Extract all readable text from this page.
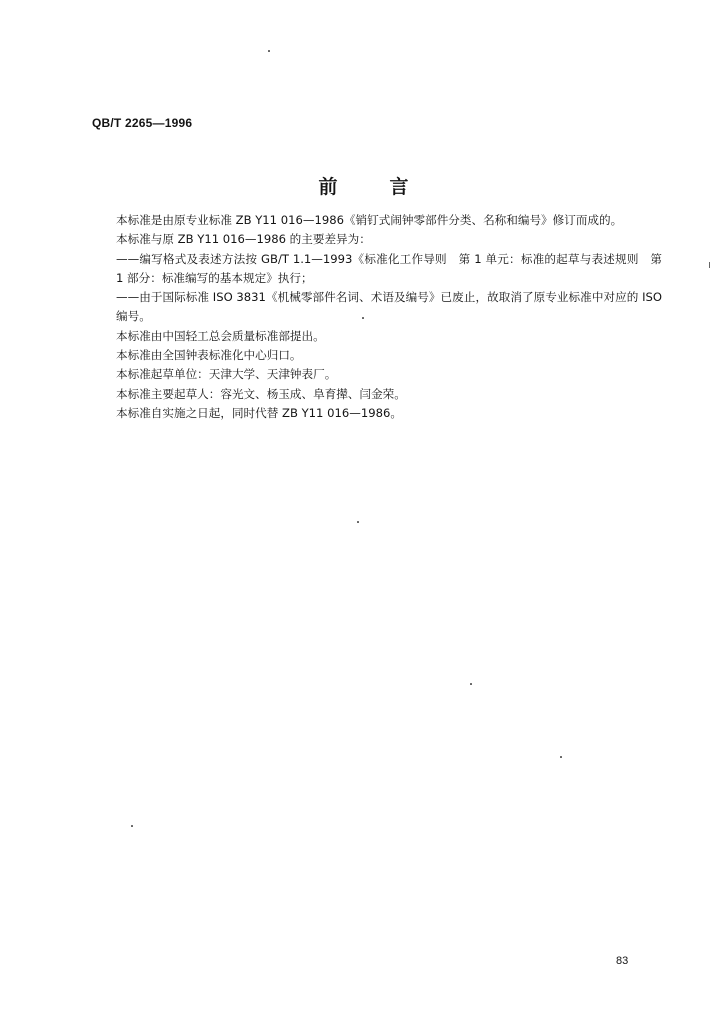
QB/T 2265—1996
前	言

本标准是由原专业标准 ZB Y11 016—1986《销钉式闹钟零部件分类、名称和编号》修订而成的。

本标准与原 ZB Y11 016—1986 的主要差异为：

——编写格式及表述方法按 GB/T 1.1—1993《标准化工作导则　第 1 单元：标准的起草与表述规则　第 1 部分：标准编写的基本规定》执行；

——由于国际标准 ISO 3831《机械零部件名词、术语及编号》已废止，故取消了原专业标准中对应的 ISO 编号。

本标准由中国轻工总会质量标准部提出。

本标准由全国钟表标准化中心归口。

本标准起草单位：天津大学、天津钟表厂。

本标准主要起草人：容光文、杨玉成、阜育撵、闫金荣。

本标准自实施之日起，同时代替 ZB Y11 016—1986。

83
